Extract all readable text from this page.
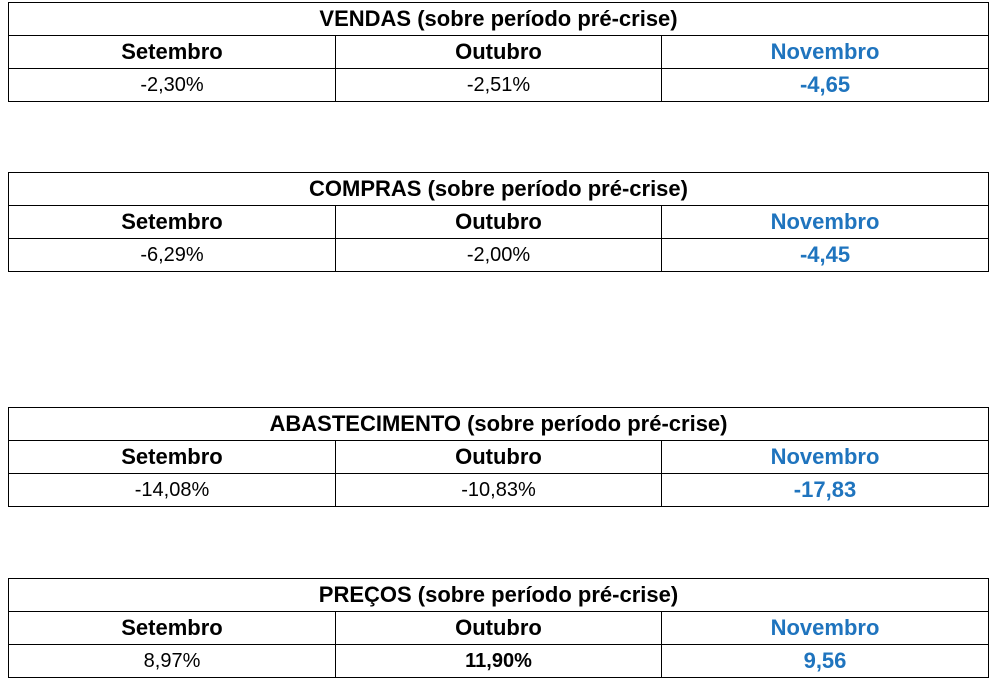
VENDAS (sobre período pré-crise)		
Setembro	Outubro	Novembro
-2,30%	-2,51%	-4,65
COMPRAS (sobre período pré-crise)		
Setembro	Outubro	Novembro
-6,29%	-2,00%	-4,45
ABASTECIMENTO (sobre período pré-crise)		
Setembro	Outubro	Novembro
-14,08%	-10,83%	-17,83
PREÇOS (sobre período pré-crise)		
Setembro	Outubro	Novembro
8,97%	11,90%	9,56
